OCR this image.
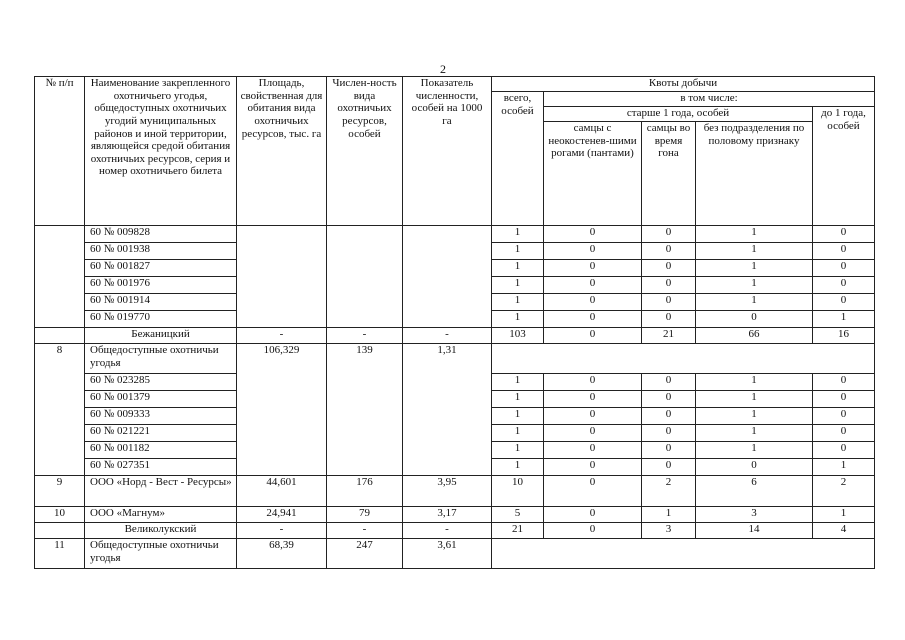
2
№ п/п	Наименование закрепленного охотничьего угодья, общедоступных охотничьих угодий муниципальных районов и иной территории, являющейся средой обитания охотничьих ресурсов, серия и номер охотничьего билета	Площадь, свойственная для обитания вида охотничьих ресурсов, тыс. га	Числен-ность вида охотничьих ресурсов, особей	Показатель численности, особей на 1000 га	Квоты добычи				
					всего, особей	в том числе:			
						старше 1 года, особей			до 1 года, особей
						самцы с неокостенев-шими рогами (пантами)	самцы во время гона	без подразделения по половому признаку	
	60 № 009828				1	0	0	1	0
	60 № 001938				1	0	0	1	0
	60 № 001827				1	0	0	1	0
	60 № 001976				1	0	0	1	0
	60 № 001914				1	0	0	1	0
	60 № 019770				1	0	0	0	1
	Бежаницкий	-	-	-	103	0	21	66	16
8	Общедоступные охотничьи угодья	106,329	139	1,31					
	60 № 023285				1	0	0	1	0
	60 № 001379				1	0	0	1	0
	60 № 009333				1	0	0	1	0
	60 № 021221				1	0	0	1	0
	60 № 001182				1	0	0	1	0
	60 № 027351				1	0	0	0	1
9	ООО «Норд - Вест - Ресурсы»	44,601	176	3,95	10	0	2	6	2
10	ООО «Магнум»	24,941	79	3,17	5	0	1	3	1
	Великолукский	-	-	-	21	0	3	14	4
11	Общедоступные охотничьи угодья	68,39	247	3,61					
